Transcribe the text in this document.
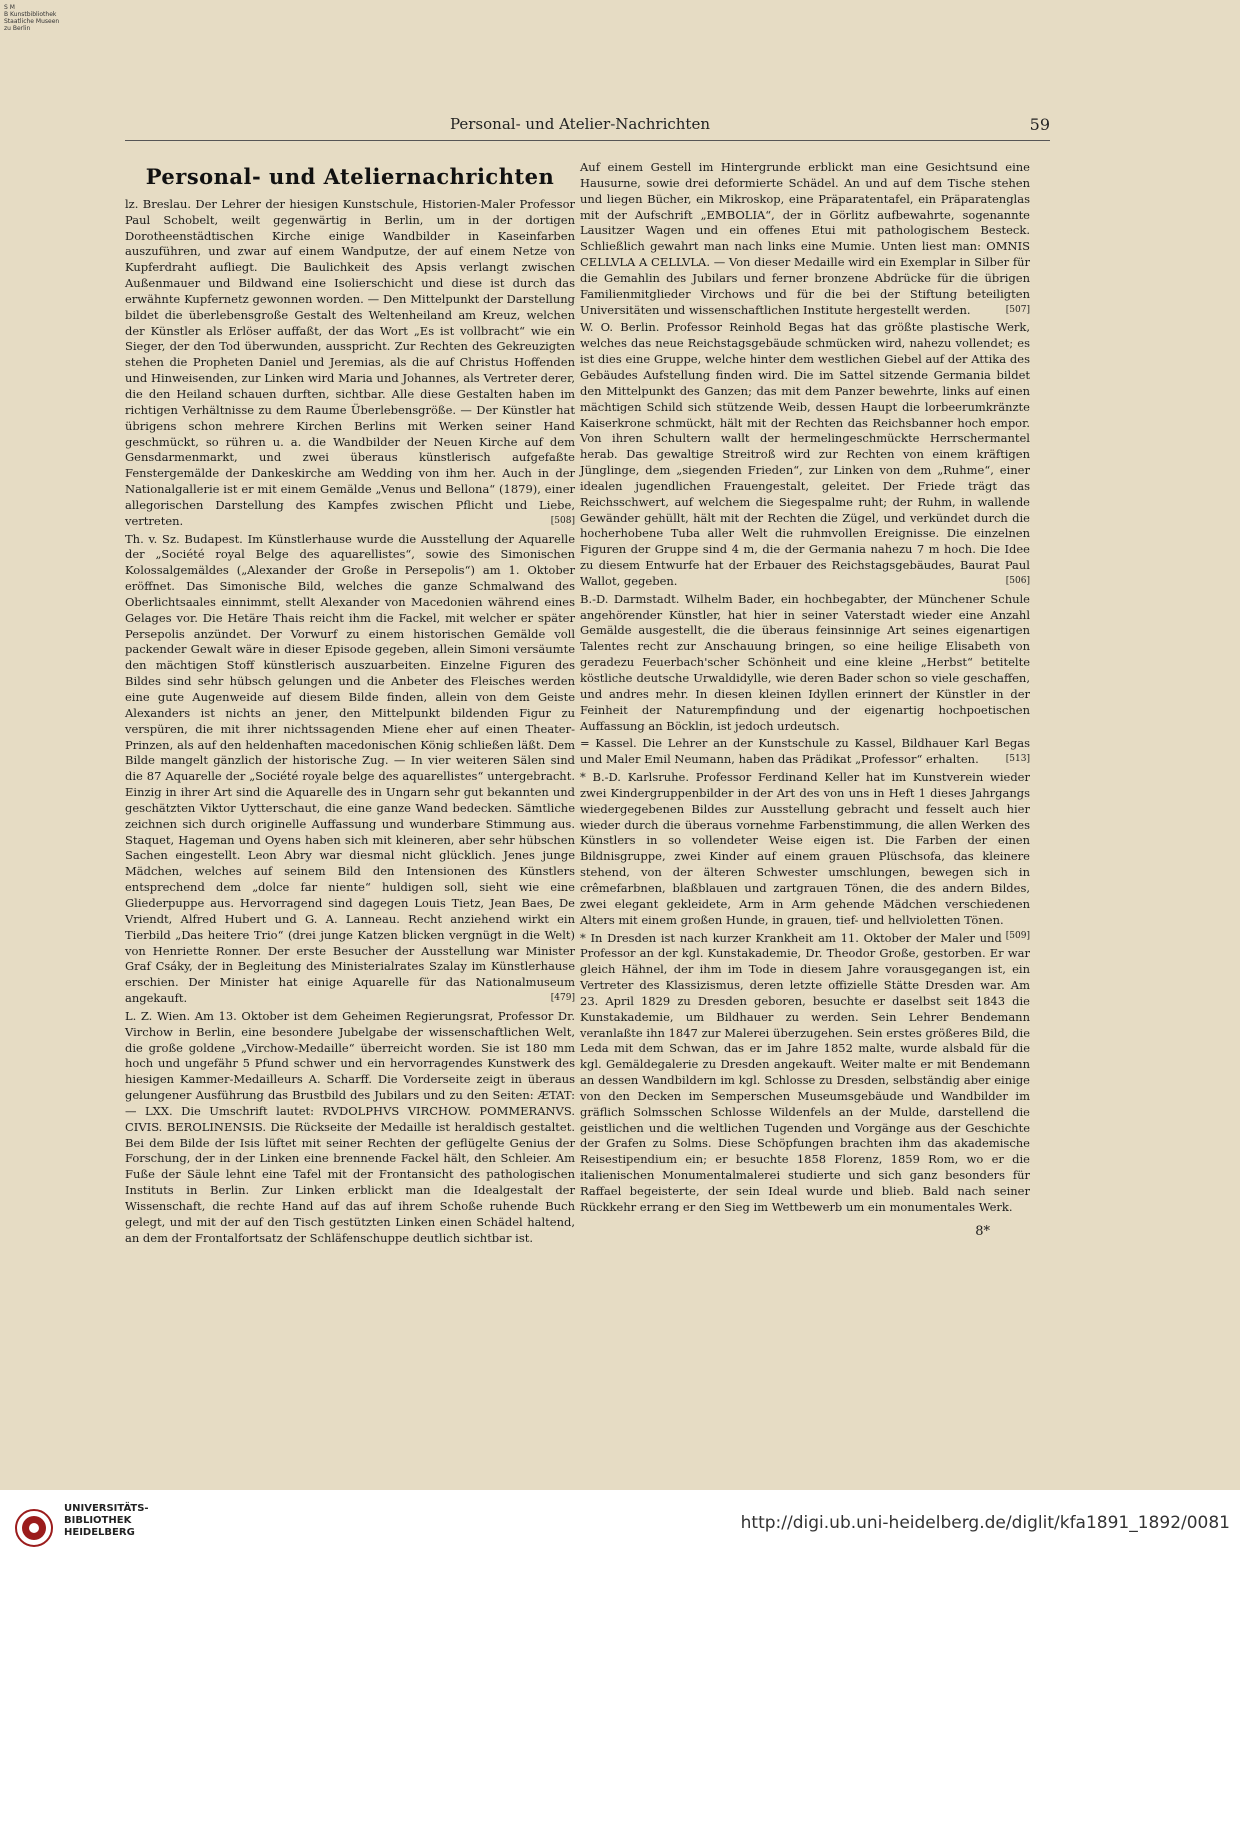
S M
B Kunstbibliothek
Staatliche Museen
zu Berlin
Personal- und Atelier-Nachrichten	59
Personal- und Ateliernachrichten

lz. Breslau. Der Lehrer der hiesigen Kunstschule, Historien-Maler Professor Paul Schobelt, weilt gegenwärtig in Berlin, um in der dortigen Dorotheenstädtischen Kirche einige Wandbilder in Kaseinfarben auszuführen, und zwar auf einem Wandputze, der auf einem Netze von Kupferdraht aufliegt. Die Baulichkeit des Apsis verlangt zwischen Außenmauer und Bildwand eine Isolierschicht und diese ist durch das erwähnte Kupfernetz gewonnen worden. — Den Mittelpunkt der Darstellung bildet die überlebensgroße Gestalt des Weltenheiland am Kreuz, welchen der Künstler als Erlöser auffaßt, der das Wort „Es ist vollbracht“ wie ein Sieger, der den Tod überwunden, ausspricht. Zur Rechten des Gekreuzigten stehen die Propheten Daniel und Jeremias, als die auf Christus Hoffenden und Hinweisenden, zur Linken wird Maria und Johannes, als Vertreter derer, die den Heiland schauen durften, sichtbar. Alle diese Gestalten haben im richtigen Verhältnisse zu dem Raume Überlebensgröße. — Der Künstler hat übrigens schon mehrere Kirchen Berlins mit Werken seiner Hand geschmückt, so rühren u. a. die Wandbilder der Neuen Kirche auf dem Gensdarmenmarkt, und zwei überaus künstlerisch aufgefaßte Fenstergemälde der Dankeskirche am Wedding von ihm her. Auch in der Nationalgallerie ist er mit einem Gemälde „Venus und Bellona“ (1879), einer allegorischen Darstellung des Kampfes zwischen Pflicht und Liebe, vertreten.	[508]

Th. v. Sz. Budapest. Im Künstlerhause wurde die Ausstellung der Aquarelle der „Société royal Belge des aquarellistes“, sowie des Simonischen Kolossalgemäldes („Alexander der Große in Persepolis“) am 1. Oktober eröffnet. Das Simonische Bild, welches die ganze Schmalwand des Oberlichtsaales einnimmt, stellt Alexander von Macedonien während eines Gelages vor. Die Hetäre Thais reicht ihm die Fackel, mit welcher er später Persepolis anzündet. Der Vorwurf zu einem historischen Gemälde voll packender Gewalt wäre in dieser Episode gegeben, allein Simoni versäumte den mächtigen Stoff künstlerisch auszuarbeiten. Einzelne Figuren des Bildes sind sehr hübsch gelungen und die Anbeter des Fleisches werden eine gute Augenweide auf diesem Bilde finden, allein von dem Geiste Alexanders ist nichts an jener, den Mittelpunkt bildenden Figur zu verspüren, die mit ihrer nichtssagenden Miene eher auf einen Theater-Prinzen, als auf den heldenhaften macedonischen König schließen läßt. Dem Bilde mangelt gänzlich der historische Zug. — In vier weiteren Sälen sind die 87 Aquarelle der „Société royale belge des aquarellistes“ untergebracht. Einzig in ihrer Art sind die Aquarelle des in Ungarn sehr gut bekannten und geschätzten Viktor Uytterschaut, die eine ganze Wand bedecken. Sämtliche zeichnen sich durch originelle Auffassung und wunderbare Stimmung aus. Staquet, Hageman und Oyens haben sich mit kleineren, aber sehr hübschen Sachen eingestellt. Leon Abry war diesmal nicht glücklich. Jenes junge Mädchen, welches auf seinem Bild den Intensionen des Künstlers entsprechend dem „dolce far niente“ huldigen soll, sieht wie eine Gliederpuppe aus. Hervorragend sind dagegen Louis Tietz, Jean Baes, De Vriendt, Alfred Hubert und G. A. Lanneau. Recht anziehend wirkt ein Tierbild „Das heitere Trio“ (drei junge Katzen blicken vergnügt in die Welt) von Henriette Ronner. Der erste Besucher der Ausstellung war Minister Graf Csáky, der in Begleitung des Ministerialrates Szalay im Künstlerhause erschien. Der Minister hat einige Aquarelle für das Nationalmuseum angekauft.	[479]

L. Z. Wien. Am 13. Oktober ist dem Geheimen Regierungsrat, Professor Dr. Virchow in Berlin, eine besondere Jubelgabe der wissenschaftlichen Welt, die große goldene „Virchow-Medaille“ überreicht worden. Sie ist 180 mm hoch und ungefähr 5 Pfund schwer und ein hervorragendes Kunstwerk des hiesigen Kammer-Medailleurs A. Scharff. Die Vorderseite zeigt in überaus gelungener Ausführung das Brustbild des Jubilars und zu den Seiten: ÆTAT: — LXX. Die Umschrift lautet: RVDOLPHVS VIRCHOW. POMMERANVS. CIVIS. BEROLINENSIS. Die Rückseite der Medaille ist heraldisch gestaltet. Bei dem Bilde der Isis lüftet mit seiner Rechten der geflügelte Genius der Forschung, der in der Linken eine brennende Fackel hält, den Schleier. Am Fuße der Säule lehnt eine Tafel mit der Frontansicht des pathologischen Instituts in Berlin. Zur Linken erblickt man die Idealgestalt der Wissenschaft, die rechte Hand auf das auf ihrem Schoße ruhende Buch gelegt, und mit der auf den Tisch gestützten Linken einen Schädel haltend, an dem der Frontalfortsatz der Schläfenschuppe deutlich sichtbar ist.

Auf einem Gestell im Hintergrunde erblickt man eine Gesichtsund eine Hausurne, sowie drei deformierte Schädel. An und auf dem Tische stehen und liegen Bücher, ein Mikroskop, eine Präparatentafel, ein Präparatenglas mit der Aufschrift „EMBOLIA“, der in Görlitz aufbewahrte, sogenannte Lausitzer Wagen und ein offenes Etui mit pathologischem Besteck. Schließlich gewahrt man nach links eine Mumie. Unten liest man: OMNIS CELLVLA A CELLVLA. — Von dieser Medaille wird ein Exemplar in Silber für die Gemahlin des Jubilars und ferner bronzene Abdrücke für die übrigen Familienmitglieder Virchows und für die bei der Stiftung beteiligten Universitäten und wissenschaftlichen Institute hergestellt werden.	[507]

W. O. Berlin. Professor Reinhold Begas hat das größte plastische Werk, welches das neue Reichstagsgebäude schmücken wird, nahezu vollendet; es ist dies eine Gruppe, welche hinter dem westlichen Giebel auf der Attika des Gebäudes Aufstellung finden wird. Die im Sattel sitzende Germania bildet den Mittelpunkt des Ganzen; das mit dem Panzer bewehrte, links auf einen mächtigen Schild sich stützende Weib, dessen Haupt die lorbeerumkränzte Kaiserkrone schmückt, hält mit der Rechten das Reichsbanner hoch empor. Von ihren Schultern wallt der hermelingeschmückte Herrschermantel herab. Das gewaltige Streitroß wird zur Rechten von einem kräftigen Jünglinge, dem „siegenden Frieden“, zur Linken von dem „Ruhme“, einer idealen jugendlichen Frauengestalt, geleitet. Der Friede trägt das Reichsschwert, auf welchem die Siegespalme ruht; der Ruhm, in wallende Gewänder gehüllt, hält mit der Rechten die Zügel, und verkündet durch die hocherhobene Tuba aller Welt die ruhmvollen Ereignisse. Die einzelnen Figuren der Gruppe sind 4 m, die der Germania nahezu 7 m hoch. Die Idee zu diesem Entwurfe hat der Erbauer des Reichstagsgebäudes, Baurat Paul Wallot, gegeben.	[506]

B.-D. Darmstadt. Wilhelm Bader, ein hochbegabter, der Münchener Schule angehörender Künstler, hat hier in seiner Vaterstadt wieder eine Anzahl Gemälde ausgestellt, die die überaus feinsinnige Art seines eigenartigen Talentes recht zur Anschauung bringen, so eine heilige Elisabeth von geradezu Feuerbach'scher Schönheit und eine kleine „Herbst“ betitelte köstliche deutsche Urwaldidylle, wie deren Bader schon so viele geschaffen, und andres mehr. In diesen kleinen Idyllen erinnert der Künstler in der Feinheit der Naturempfindung und der eigenartig hochpoetischen Auffassung an Böcklin, ist jedoch urdeutsch.

= Kassel. Die Lehrer an der Kunstschule zu Kassel, Bildhauer Karl Begas und Maler Emil Neumann, haben das Prädikat „Professor“ erhalten.	[513]

* B.-D. Karlsruhe. Professor Ferdinand Keller hat im Kunstverein wieder zwei Kindergruppenbilder in der Art des von uns in Heft 1 dieses Jahrgangs wiedergegebenen Bildes zur Ausstellung gebracht und fesselt auch hier wieder durch die überaus vornehme Farbenstimmung, die allen Werken des Künstlers in so vollendeter Weise eigen ist. Die Farben der einen Bildnisgruppe, zwei Kinder auf einem grauen Plüschsofa, das kleinere stehend, von der älteren Schwester umschlungen, bewegen sich in crêmefarbnen, blaßblauen und zartgrauen Tönen, die des andern Bildes, zwei elegant gekleidete, Arm in Arm gehende Mädchen verschiedenen Alters mit einem großen Hunde, in grauen, tief- und hellvioletten Tönen.
[509]

* In Dresden ist nach kurzer Krankheit am 11. Oktober der Maler und Professor an der kgl. Kunstakademie, Dr. Theodor Große, gestorben. Er war gleich Hähnel, der ihm im Tode in diesem Jahre vorausgegangen ist, ein Vertreter des Klassizismus, deren letzte offizielle Stätte Dresden war. Am 23. April 1829 zu Dresden geboren, besuchte er daselbst seit 1843 die Kunstakademie, um Bildhauer zu werden. Sein Lehrer Bendemann veranlaßte ihn 1847 zur Malerei überzugehen. Sein erstes größeres Bild, die Leda mit dem Schwan, das er im Jahre 1852 malte, wurde alsbald für die kgl. Gemäldegalerie zu Dresden angekauft. Weiter malte er mit Bendemann an dessen Wandbildern im kgl. Schlosse zu Dresden, selbständig aber einige von den Decken im Semperschen Museumsgebäude und Wandbilder im gräflich Solmsschen Schlosse Wildenfels an der Mulde, darstellend die geistlichen und die weltlichen Tugenden und Vorgänge aus der Geschichte der Grafen zu Solms. Diese Schöpfungen brachten ihm das akademische Reisestipendium ein; er besuchte 1858 Florenz, 1859 Rom, wo er die italienischen Monumentalmalerei studierte und sich ganz besonders für Raffael begeisterte, der sein Ideal wurde und blieb. Bald nach seiner Rückkehr errang er den Sieg im Wettbewerb um ein monumentales Werk.

8*
UNIVERSITÄTS-
BIBLIOTHEK
HEIDELBERG	http://digi.ub.uni-heidelberg.de/diglit/kfa1891_1892/0081
